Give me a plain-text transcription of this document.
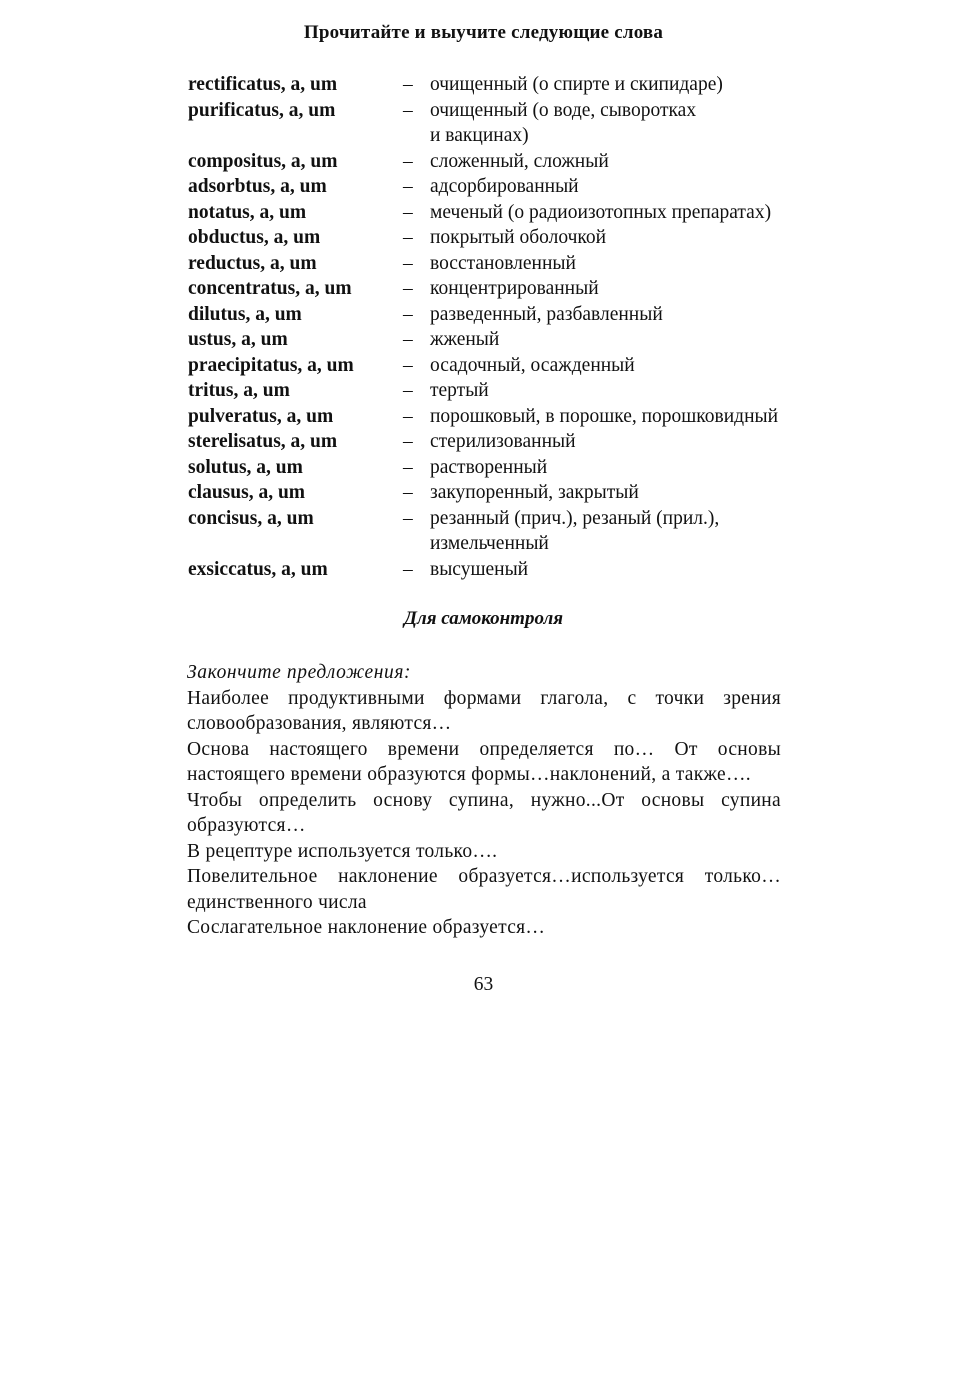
Прочитайте и выучите следующие слова
rectificatus, a, um	– очищенный (о спирте и скипидаре)
purificatus, a, um	– очищенный (о воде, сыворотках
и вакцинах)
compositus, a, um	– сложенный, сложный
adsorbtus, a, um	– адсорбированный
notatus, a, um	– меченый (о радиоизотопных препаратах)
obductus, a, um	– покрытый оболочкой
reductus, a, um	– восстановленный
concentratus, a, um	– концентрированный
dilutus, a, um	– разведенный, разбавленный
ustus, a, um	– жженый
praecipitatus, a, um	– осадочный, осажденный
tritus, a, um	– тертый
pulveratus, a, um	– порошковый, в порошке, порошковидный
sterelisatus, a, um	– стерилизованный
solutus, a, um	– растворенный
clausus, a, um	– закупоренный, закрытый
concisus, a, um	– резанный (прич.), резаный (прил.),
измельченный
exsiccatus, a, um	– высушеный
Для самоконтроля
Закончите предложения:
Наиболее продуктивными формами глагола, с точки зрения словообразования, являются…
Основа настоящего времени определяется по… От основы настоящего времени образуются формы…наклонений, а также….
Чтобы определить основу супина, нужно...От основы супина образуются…
В рецептуре используется только….
Повелительное наклонение образуется…используется только… единственного числа
Сослагательное наклонение образуется…
63
